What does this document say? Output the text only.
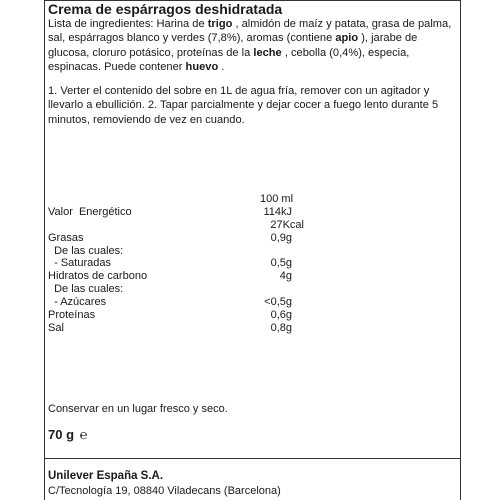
Crema de espárragos deshidratada
Lista de ingredientes: Harina de trigo , almidón de maíz y patata, grasa de palma,
sal, espárragos blanco y verdes (7,8%), aromas (contiene apio ), jarabe de
glucosa, cloruro potásico, proteínas de la leche , cebolla (0,4%), especia,
espinacas. Puede contener huevo .
1. Verter el contenido del sobre en 1L de agua fría, remover con un agitador y
llevarlo a ebullición. 2. Tapar parcialmente y dejar cocer a fuego lento durante 5
minutos, removiendo de vez en cuando.
100 ml
Valor  Energético	114kJ
27Kcal
Grasas	0,9g
De las cuales:
- Saturadas	0,5g
Hidratos de carbono	4g
De las cuales:
- Azúcares	<0,5g
Proteínas	0,6g
Sal	0,8g
Conservar en un lugar fresco y seco.
70 g ℮
Unilever España S.A.
C/Tecnología 19, 08840 Viladecans (Barcelona)
